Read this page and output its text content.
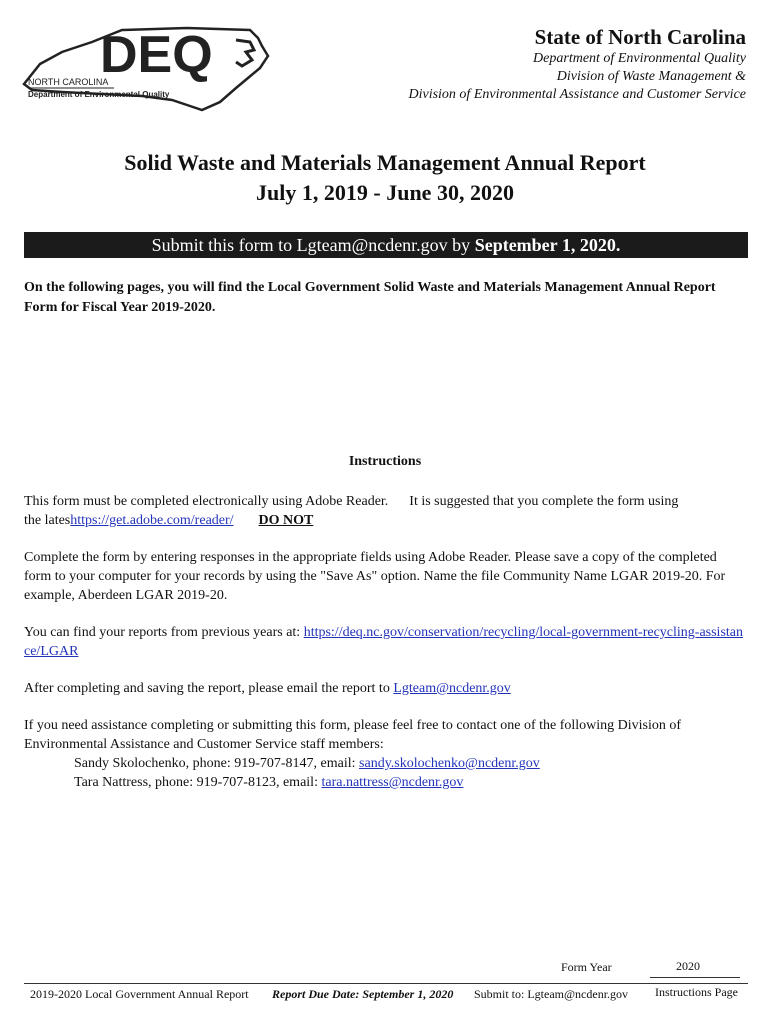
DEQ
NORTH CAROLINA
Department of Environmental Quality
State of North Carolina
Department of Environmental Quality
Division of Waste Management &
Division of Environmental Assistance and Customer Service
Solid Waste and Materials Management Annual Report
July 1, 2019 - June 30, 2020
Submit this form to Lgteam@ncdenr.gov by September 1, 2020.
On the following pages, you will find the Local Government Solid Waste and Materials Management Annual Report Form for Fiscal Year 2019-2020.
Instructions
This form must be completed electronically using Adobe Reader. It is suggested that you complete the form using
the lateshttps://get.adobe.com/reader/ DO NOT
Complete the form by entering responses in the appropriate fields using Adobe Reader. Please save a copy of the completed form to your computer for your records by using the "Save As" option. Name the file Community Name LGAR 2019-20. For example, Aberdeen LGAR 2019-20.
You can find your reports from previous years at: https://deq.nc.gov/conservation/recycling/local-government-recycling-assistance/LGAR
After completing and saving the report, please email the report to Lgteam@ncdenr.gov
If you need assistance completing or submitting this form, please feel free to contact one of the following Division of Environmental Assistance and Customer Service staff members:
Sandy Skolochenko, phone: 919-707-8147, email: sandy.skolochenko@ncdenr.gov
Tara Nattress, phone: 919-707-8123, email: tara.nattress@ncdenr.gov
Form Year	2020
2019-2020 Local Government Annual Report Report Due Date: September 1, 2020 Submit to: Lgteam@ncdenr.gov Instructions Page
